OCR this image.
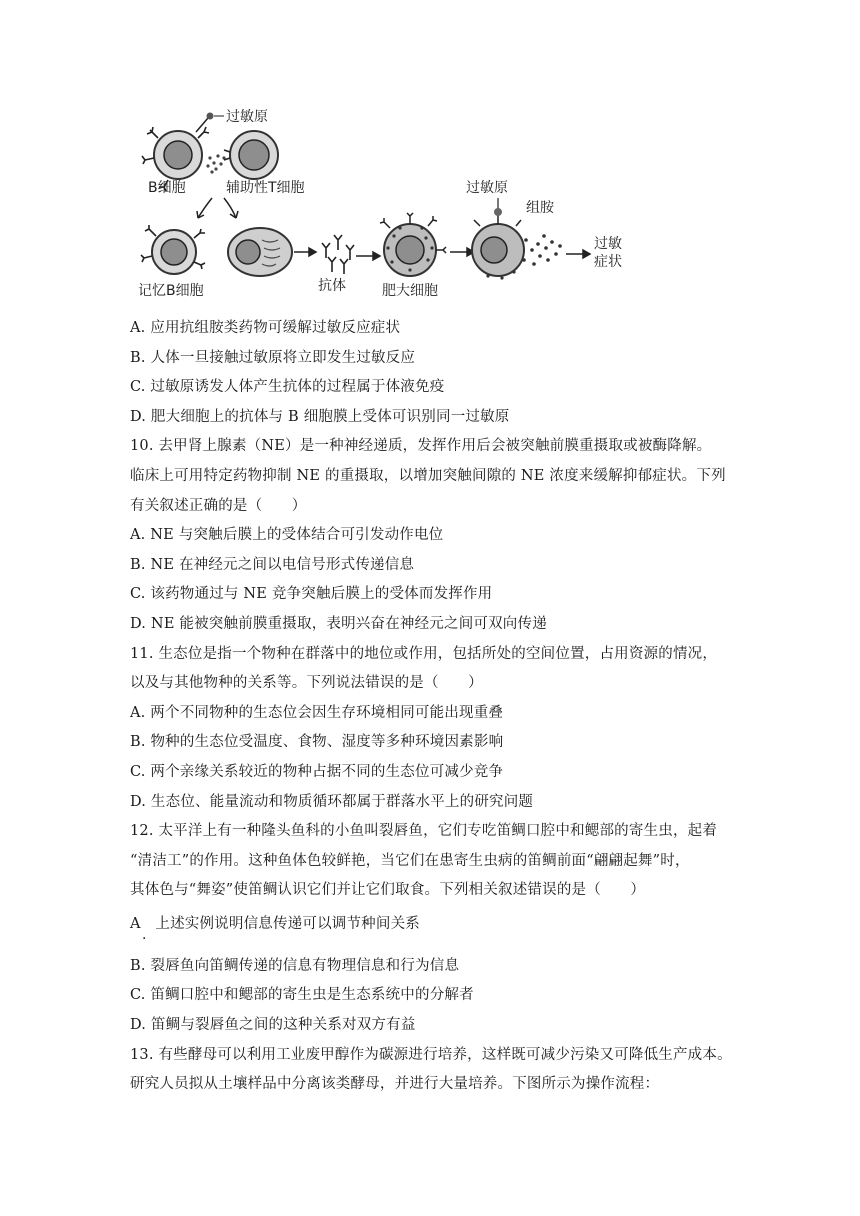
过敏原
B细胞	辅助性T细胞
记忆B细胞	抗体	肥大细胞
过敏原
组胺
过敏
症状
A. 应用抗组胺类药物可缓解过敏反应症状
B. 人体一旦接触过敏原将立即发生过敏反应
C. 过敏原诱发人体产生抗体的过程属于体液免疫
D. 肥大细胞上的抗体与 B 细胞膜上受体可识别同一过敏原
10. 去甲肾上腺素（NE）是一种神经递质，发挥作用后会被突触前膜重摄取或被酶降解。
临床上可用特定药物抑制 NE 的重摄取，以增加突触间隙的 NE 浓度来缓解抑郁症状。下列
有关叙述正确的是（　　）
A. NE 与突触后膜上的受体结合可引发动作电位
B. NE 在神经元之间以电信号形式传递信息
C. 该药物通过与 NE 竞争突触后膜上的受体而发挥作用
D. NE 能被突触前膜重摄取，表明兴奋在神经元之间可双向传递
11. 生态位是指一个物种在群落中的地位或作用，包括所处的空间位置，占用资源的情况，
以及与其他物种的关系等。下列说法错误的是（　　）
A. 两个不同物种的生态位会因生存环境相同可能出现重叠
B. 物种的生态位受温度、食物、湿度等多种环境因素影响
C. 两个亲缘关系较近的物种占据不同的生态位可减少竞争
D. 生态位、能量流动和物质循环都属于群落水平上的研究问题
12. 太平洋上有一种隆头鱼科的小鱼叫裂唇鱼，它们专吃笛鲷口腔中和鳃部的寄生虫，起着
“清洁工”的作用。这种鱼体色较鲜艳，当它们在患寄生虫病的笛鲷前面“翩翩起舞”时，
其体色与“舞姿”使笛鲷认识它们并让它们取食。下列相关叙述错误的是（　　）
A　上述实例说明信息传递可以调节种间关系
·
B. 裂唇鱼向笛鲷传递的信息有物理信息和行为信息
C. 笛鲷口腔中和鳃部的寄生虫是生态系统中的分解者
D. 笛鲷与裂唇鱼之间的这种关系对双方有益
13. 有些酵母可以利用工业废甲醇作为碳源进行培养，这样既可减少污染又可降低生产成本。
研究人员拟从土壤样品中分离该类酵母，并进行大量培养。下图所示为操作流程：
